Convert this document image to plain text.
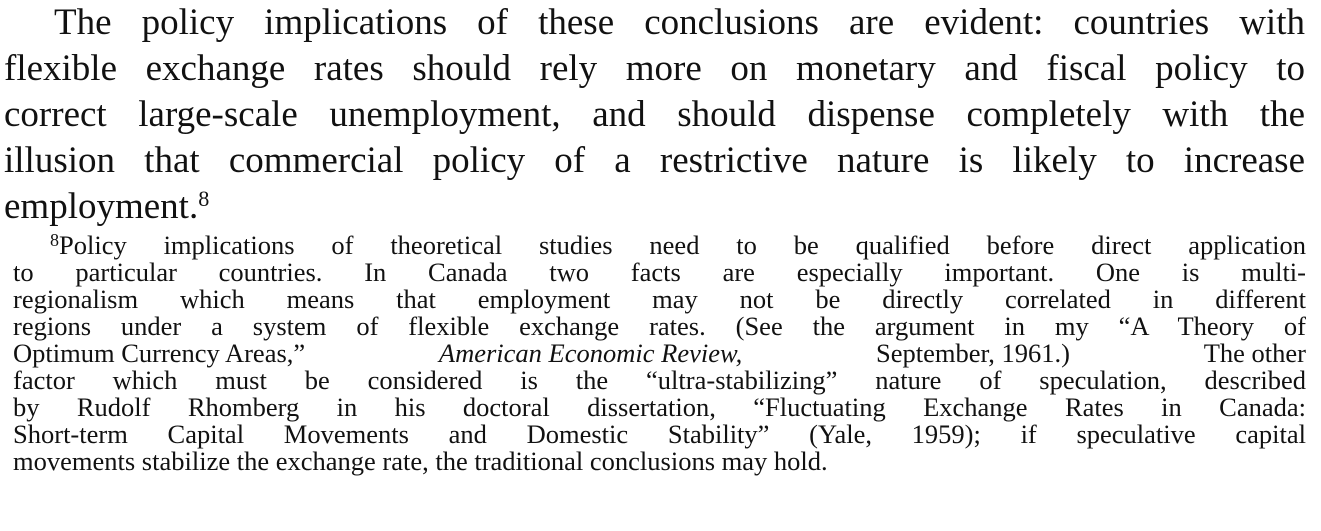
The policy implications of these conclusions are evident: countries with
flexible exchange rates should rely more on monetary and fiscal policy to
correct large-scale unemployment, and should dispense completely with the
illusion that commercial policy of a restrictive nature is likely to increase
employment.$^8$
$^8$Policy implications of theoretical studies need to be qualified before direct application
to particular countries. In Canada two facts are especially important. One is multi-
regionalism which means that employment may not be directly correlated in different
regions under a system of flexible exchange rates. (See the argument in my “A Theory of
Optimum Currency Areas,”	American Economic Review,	September, 1961.)	The other
factor which must be considered is the “ultra-stabilizing” nature of speculation, described
by Rudolf Rhomberg in his doctoral dissertation, “Fluctuating Exchange Rates in Canada:
Short-term Capital Movements and Domestic Stability” (Yale, 1959); if speculative capital
movements stabilize the exchange rate, the traditional conclusions may hold.
